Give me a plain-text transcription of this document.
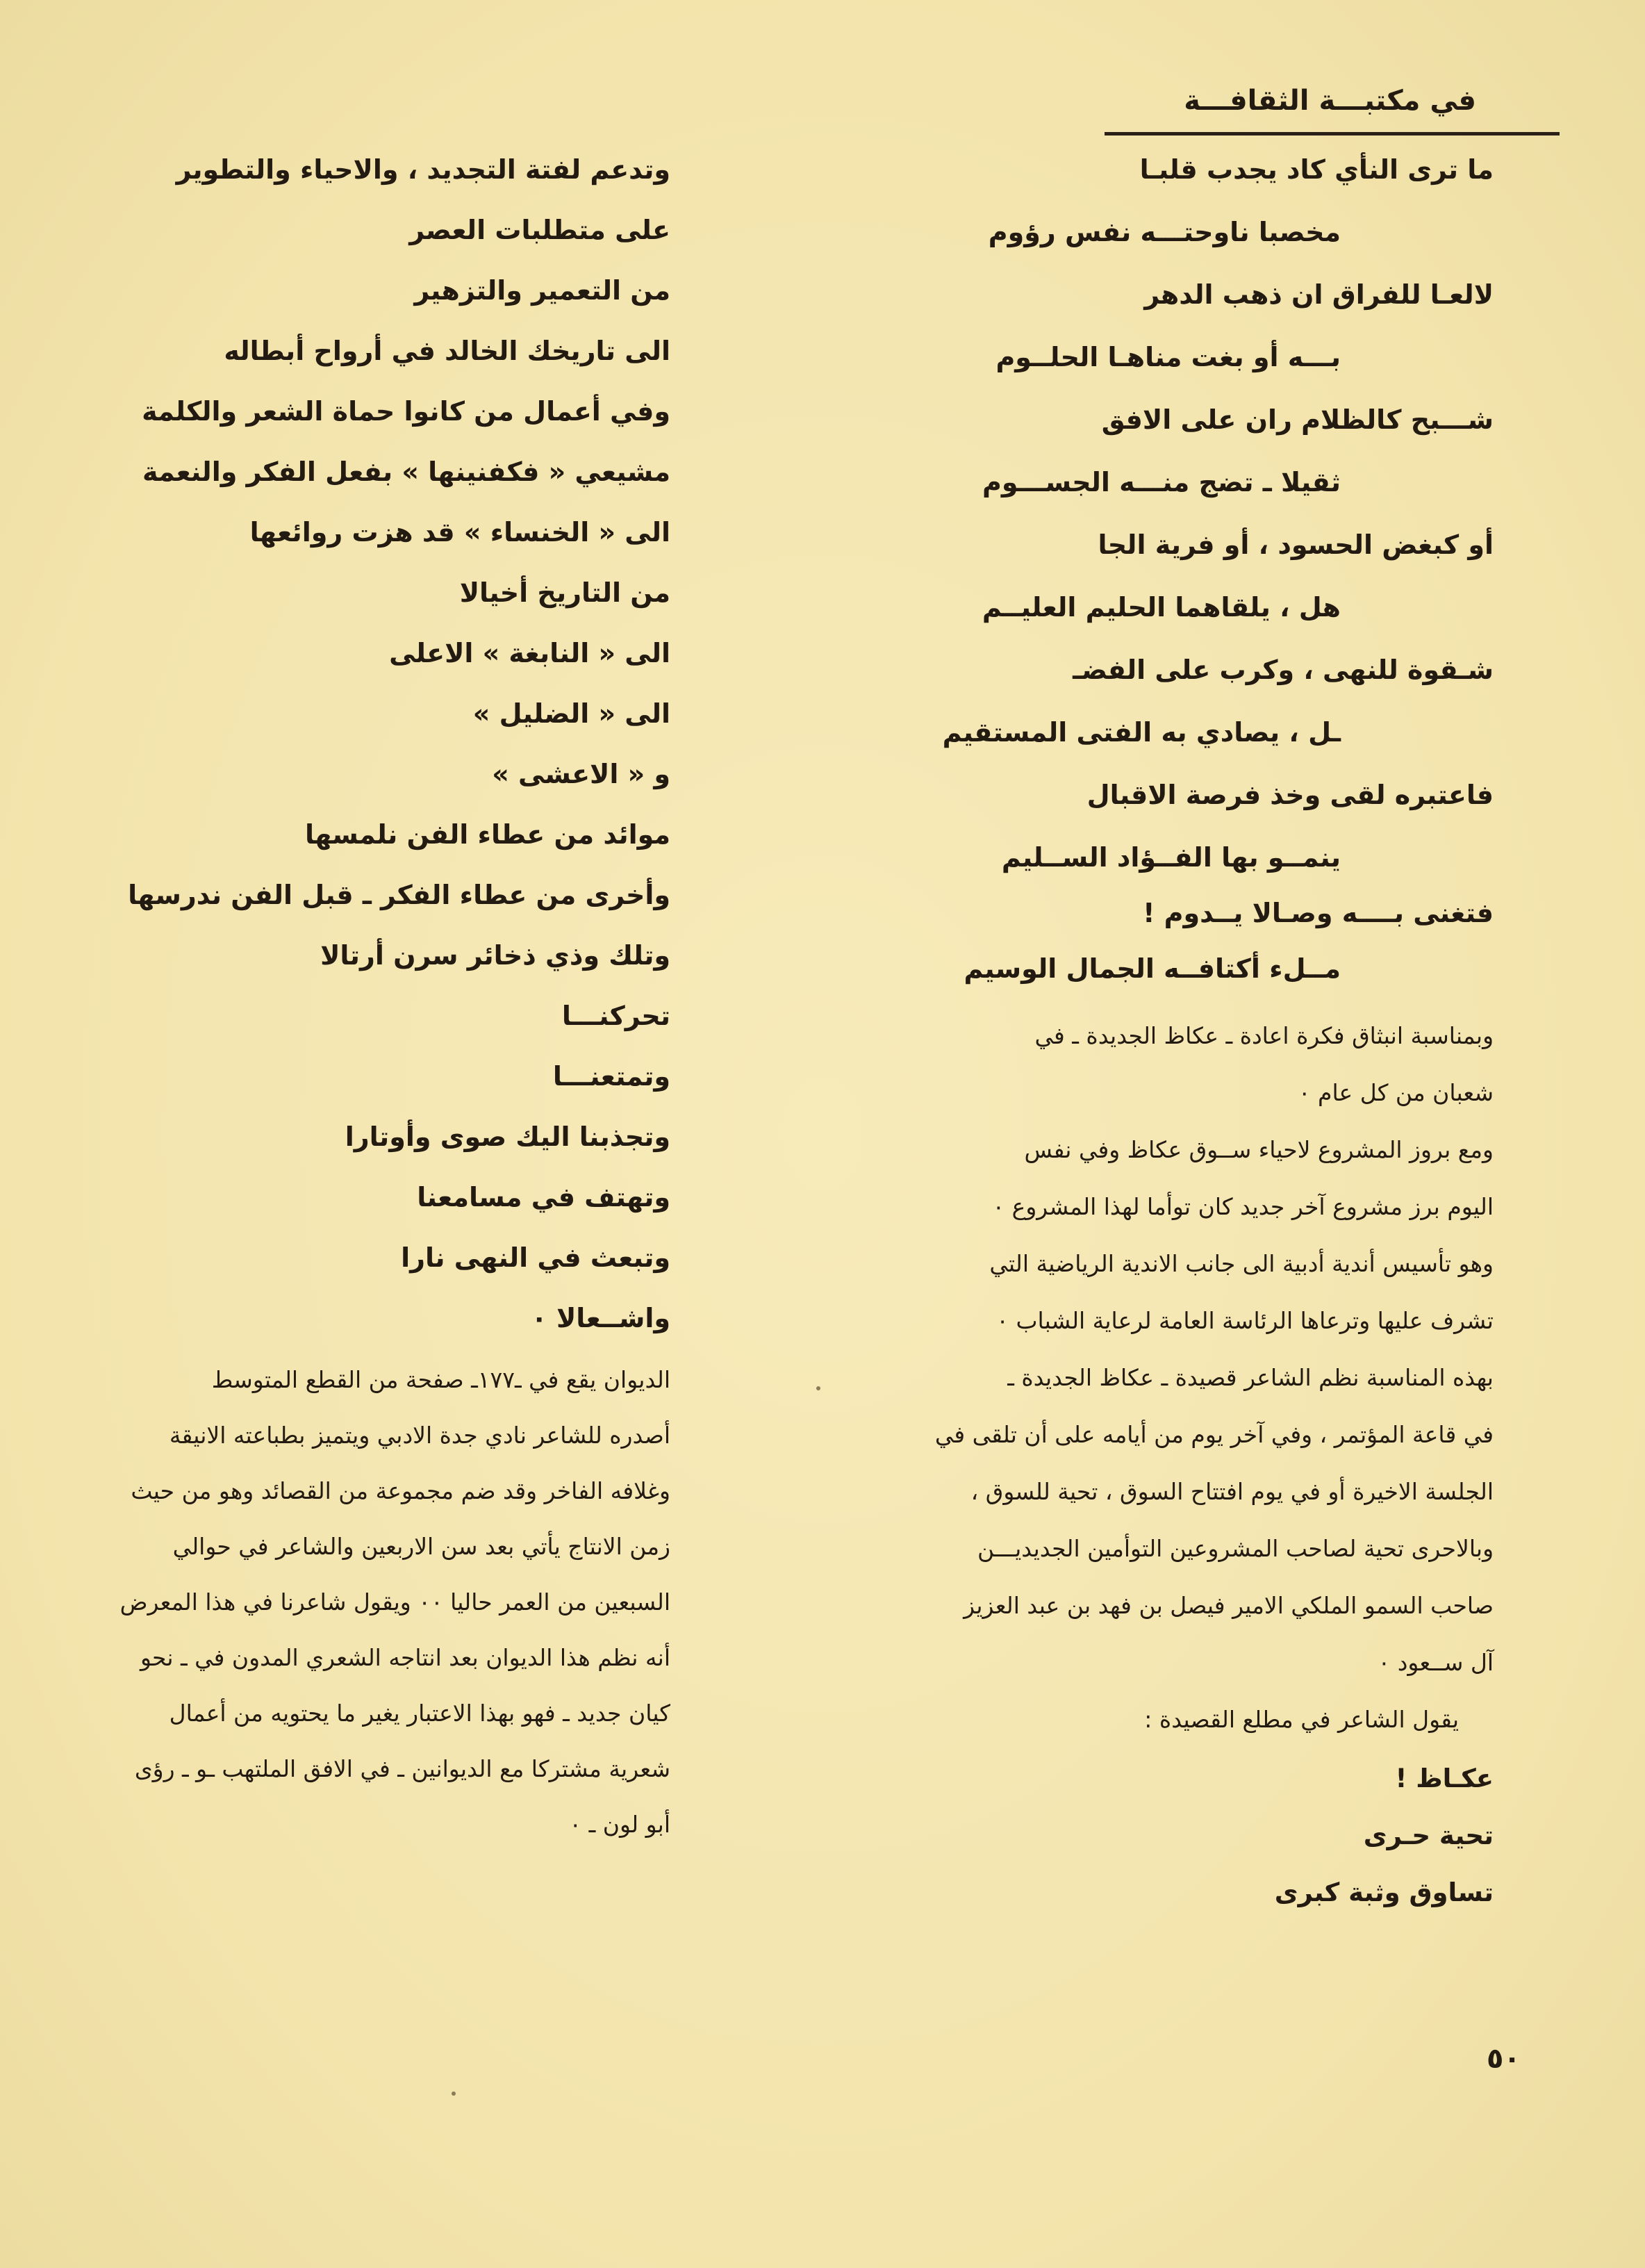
في مكتبـــة الثقافـــة
ما ترى النأي كاد يجدب قلبـا
مخصبا ناوحتـــه نفس رؤوم
لالعـا للفراق ان ذهب الدهر
بـــه أو بغت مناهـا الحلــوم
شـــبح كالظلام ران على الافق
ثقيلا ـ تضج منـــه الجســـوم
أو كبغض الحسود ، أو فرية الجا
هل ، يلقاهما الحليم العليــم
شـقوة للنهى ، وكرب على الفضـ
ـل ، يصادي به الفتى المستقيم
فاعتبره لقى وخذ فرصة الاقبال
ينمــو بها الفــؤاد الســليم
فتغنى بــــه وصـالا يــدوم !
مــلء أكتافــه الجمال الوسيم
وبمناسبة انبثاق فكرة اعادة ـ عكاظ الجديدة ـ في
شعبان من كل عام ٠
ومع بروز المشروع لاحياء ســوق عكاظ وفي نفس
اليوم برز مشروع آخر جديد كان توأما لهذا المشروع ٠
وهو تأسيس أندية أدبية الى جانب الاندية الرياضية التي
تشرف عليها وترعاها الرئاسة العامة لرعاية الشباب ٠
بهذه المناسبة نظم الشاعر قصيدة ـ عكاظ الجديدة ـ
في قاعة المؤتمر ، وفي آخر يوم من أيامه على أن تلقى في
الجلسة الاخيرة أو في يوم افتتاح السوق ، تحية للسوق ،
وبالاحرى تحية لصاحب المشروعين التوأمين الجديديـــن
صاحب السمو الملكي الامير فيصل بن فهد بن عبد العزيز
آل ســعود ٠
يقول الشاعر في مطلع القصيدة :
عكـاظ !
تحية حـرى
تساوق وثبة كبرى
وتدعم لفتة التجديد ، والاحياء والتطوير
على متطلبات العصر
من التعمير والتزهير
الى تاريخك الخالد في أرواح أبطاله
وفي أعمال من كانوا حماة الشعر والكلمة
مشيعي « فكفنينها » بفعل الفكر والنعمة
الى « الخنساء » قد هزت روائعها
من التاريخ أخيالا
الى « النابغة » الاعلى
الى « الضليل »
و « الاعشى »
موائد من عطاء الفن نلمسها
وأخرى من عطاء الفكر ـ قبل الفن ندرسها
وتلك وذي ذخائر سرن أرتالا
تحركنـــا
وتمتعنـــا
وتجذبنا اليك صوى وأوتارا
وتهتف في مسامعنا
وتبعث في النهى نارا
واشــعالا ٠
الديوان يقع في ـ١٧٧ـ صفحة من القطع المتوسط
أصدره للشاعر نادي جدة الادبي ويتميز بطباعته الانيقة
وغلافه الفاخر وقد ضم مجموعة من القصائد وهو من حيث
زمن الانتاج يأتي بعد سن الاربعين والشاعر في حوالي
السبعين من العمر حاليا ٠٠ ويقول شاعرنا في هذا المعرض
أنه نظم هذا الديوان بعد انتاجه الشعري المدون في ـ نحو
كيان جديد ـ فهو بهذا الاعتبار يغير ما يحتويه من أعمال
شعرية مشتركا مع الديوانين ـ في الافق الملتهب ـو ـ رؤى
أبو لون ـ ٠
٥٠
